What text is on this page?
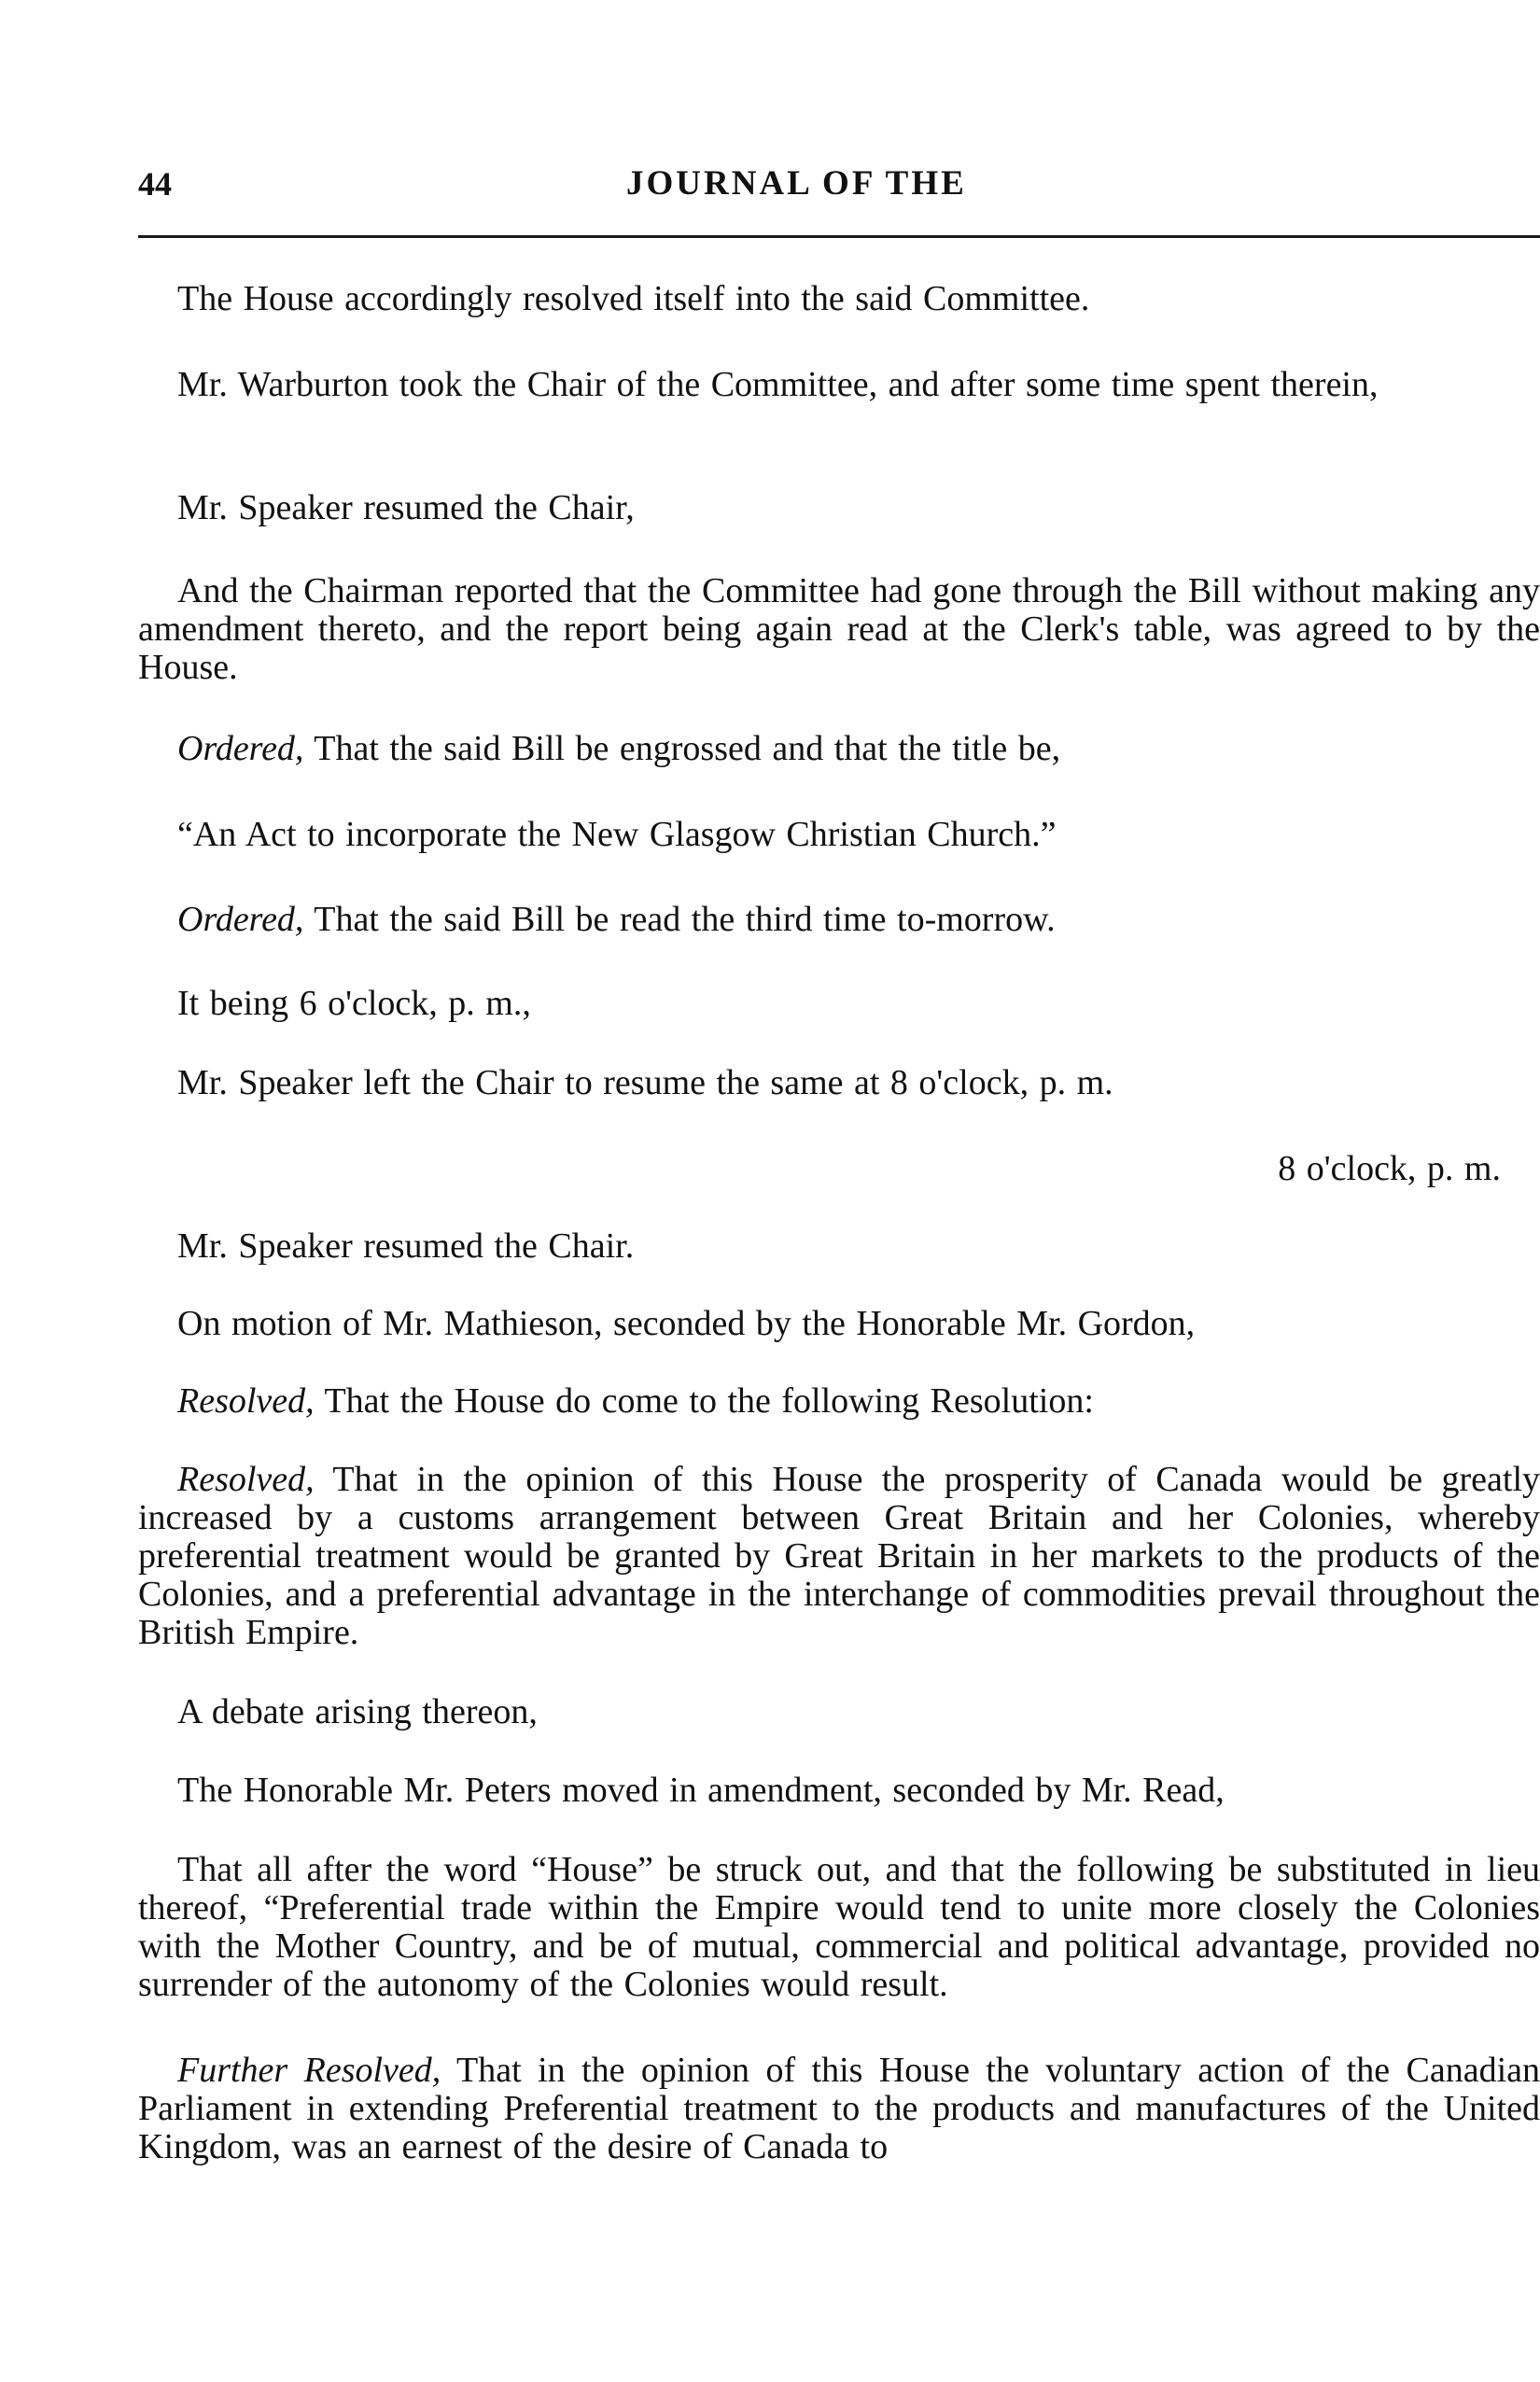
44	JOURNAL OF THE

The House accordingly resolved itself into the said Committee.

Mr. Warburton took the Chair of the Committee, and after some time spent therein,

Mr. Speaker resumed the Chair,

And the Chairman reported that the Committee had gone through the Bill without making any amendment thereto, and the report being again read at the Clerk's table, was agreed to by the House.

Ordered, That the said Bill be engrossed and that the title be,

“An Act to incorporate the New Glasgow Christian Church.”

Ordered, That the said Bill be read the third time to-morrow.

It being 6 o'clock, p. m.,

Mr. Speaker left the Chair to resume the same at 8 o'clock, p. m.

8 o'clock, p. m.

Mr. Speaker resumed the Chair.

On motion of Mr. Mathieson, seconded by the Honorable Mr. Gordon,

Resolved, That the House do come to the following Resolution:

Resolved, That in the opinion of this House the prosperity of Canada would be greatly increased by a customs arrangement between Great Britain and her Colonies, whereby preferential treatment would be granted by Great Britain in her markets to the products of the Colonies, and a preferential advantage in the interchange of commodities prevail throughout the British Empire.

A debate arising thereon,

The Honorable Mr. Peters moved in amendment, seconded by Mr. Read,

That all after the word “House” be struck out, and that the following be substituted in lieu thereof, “Preferential trade within the Empire would tend to unite more closely the Colonies with the Mother Country, and be of mutual, commercial and political advantage, provided no surrender of the autonomy of the Colonies would result.

Further Resolved, That in the opinion of this House the voluntary action of the Canadian Parliament in extending Preferential treatment to the products and manufactures of the United Kingdom, was an earnest of the desire of Canada to
